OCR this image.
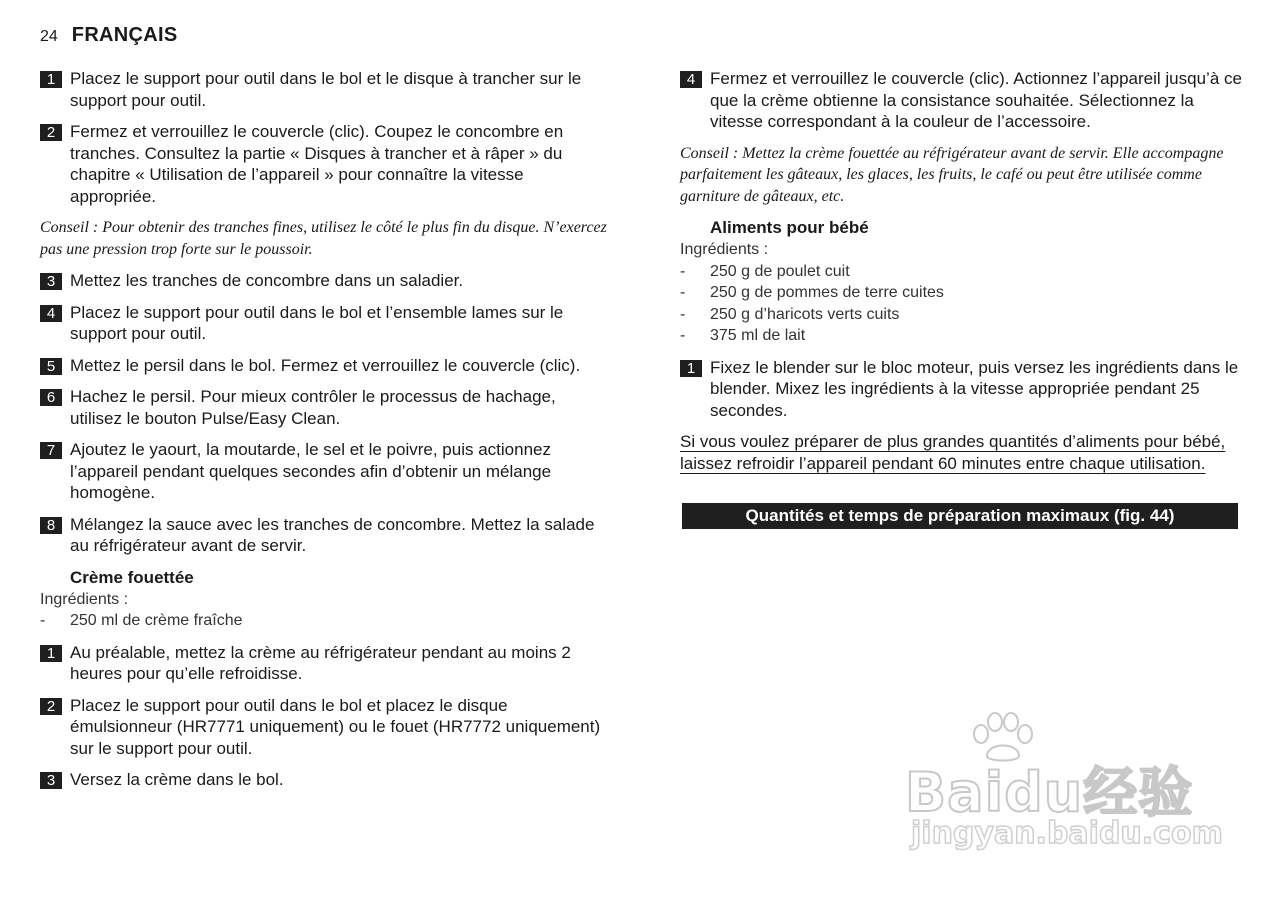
24 FRANÇAIS
1 Placez le support pour outil dans le bol et le disque à trancher sur le support pour outil.
2 Fermez et verrouillez le couvercle (clic). Coupez le concombre en tranches. Consultez la partie « Disques à trancher et à râper » du chapitre « Utilisation de l’appareil » pour connaître la vitesse appropriée.

Conseil : Pour obtenir des tranches fines, utilisez le côté le plus fin du disque. N’exercez pas une pression trop forte sur le poussoir.

3 Mettez les tranches de concombre dans un saladier.
4 Placez le support pour outil dans le bol et l’ensemble lames sur le support pour outil.
5 Mettez le persil dans le bol. Fermez et verrouillez le couvercle (clic).
6 Hachez le persil. Pour mieux contrôler le processus de hachage, utilisez le bouton Pulse/Easy Clean.
7 Ajoutez le yaourt, la moutarde, le sel et le poivre, puis actionnez l’appareil pendant quelques secondes afin d’obtenir un mélange homogène.
8 Mélangez la sauce avec les tranches de concombre. Mettez la salade au réfrigérateur avant de servir.
Crème fouettée
Ingrédients :
-	250 ml de crème fraîche
1 Au préalable, mettez la crème au réfrigérateur pendant au moins 2 heures pour qu’elle refroidisse.
2 Placez le support pour outil dans le bol et placez le disque émulsionneur (HR7771 uniquement) ou le fouet (HR7772 uniquement) sur le support pour outil.
3 Versez la crème dans le bol.
4 Fermez et verrouillez le couvercle (clic). Actionnez l’appareil jusqu’à ce que la crème obtienne la consistance souhaitée. Sélectionnez la vitesse correspondant à la couleur de l’accessoire.

Conseil : Mettez la crème fouettée au réfrigérateur avant de servir. Elle accompagne parfaitement les gâteaux, les glaces, les fruits, le café ou peut être utilisée comme garniture de gâteaux, etc.

Aliments pour bébé
Ingrédients :
-	250 g de poulet cuit
-	250 g de pommes de terre cuites
-	250 g d’haricots verts cuits
-	375 ml de lait
1 Fixez le blender sur le bloc moteur, puis versez les ingrédients dans le blender. Mixez les ingrédients à la vitesse appropriée pendant 25 secondes.
Si vous voulez préparer de plus grandes quantités d’aliments pour bébé, laissez refroidir l’appareil pendant 60 minutes entre chaque utilisation.
Quantités et temps de préparation maximaux (fig. 44)
Baidu经验
jingyan.baidu.com
